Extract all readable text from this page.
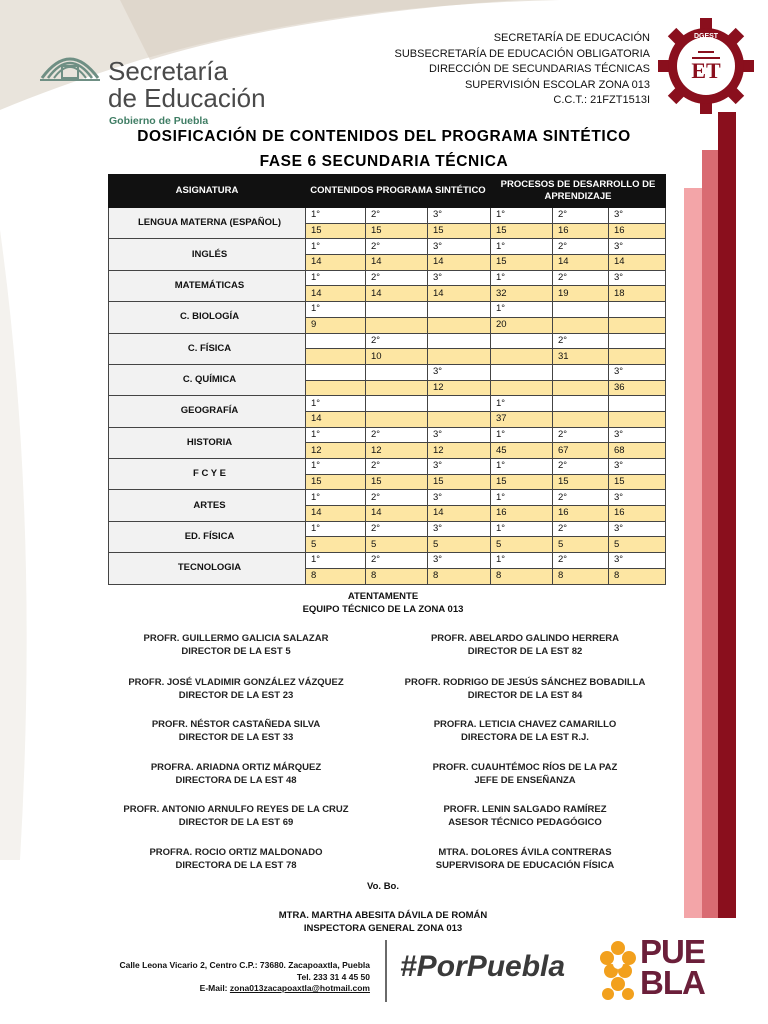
Secretaría
de Educación
Gobierno de Puebla
SECRETARÍA DE EDUCACIÓN
SUBSECRETARÍA DE EDUCACIÓN OBLIGATORIA
DIRECCIÓN DE SECUNDARIAS TÉCNICAS
SUPERVISIÓN ESCOLAR ZONA 013
C.C.T.: 21FZT1513I
DGEST
ET
DOSIFICACIÓN DE CONTENIDOS DEL PROGRAMA SINTÉTICO
FASE 6 SECUNDARIA TÉCNICA
ASIGNATURA	CONTENIDOS PROGRAMA SINTÉTICO			PROCESOS DE DESARROLLO DE APRENDIZAJE		
LENGUA MATERNA (ESPAÑOL)	1°	2°	3°	1°	2°	3°
	15	15	15	15	16	16
INGLÉS	1°	2°	3°	1°	2°	3°
	14	14	14	15	14	14
MATEMÁTICAS	1°	2°	3°	1°	2°	3°
	14	14	14	32	19	18
C. BIOLOGÍA	1°			1°		
	9			20		
C. FÍSICA		2°			2°	
		10			31	
C. QUÍMICA			3°			3°
			12			36
GEOGRAFÍA	1°			1°		
	14			37		
HISTORIA	1°	2°	3°	1°	2°	3°
	12	12	12	45	67	68
F C Y E	1°	2°	3°	1°	2°	3°
	15	15	15	15	15	15
ARTES	1°	2°	3°	1°	2°	3°
	14	14	14	16	16	16
ED. FÍSICA	1°	2°	3°	1°	2°	3°
	5	5	5	5	5	5
TECNOLOGIA	1°	2°	3°	1°	2°	3°
	8	8	8	8	8	8
ATENTAMENTE
EQUIPO TÉCNICO DE LA ZONA 013
PROFR. GUILLERMO GALICIA SALAZAR
DIRECTOR DE LA EST 5
PROFR. JOSÉ VLADIMIR GONZÁLEZ VÁZQUEZ
DIRECTOR DE LA EST 23
PROFR. NÉSTOR CASTAÑEDA SILVA
DIRECTOR DE LA EST 33
PROFRA. ARIADNA ORTIZ MÁRQUEZ
DIRECTORA DE LA EST 48
PROFR. ANTONIO ARNULFO REYES DE LA CRUZ
DIRECTOR DE LA EST 69
PROFRA. ROCIO ORTIZ MALDONADO
DIRECTORA DE LA EST 78
PROFR. ABELARDO GALINDO HERRERA
DIRECTOR DE LA EST 82
PROFR. RODRIGO DE JESÚS SÁNCHEZ BOBADILLA
DIRECTOR DE LA EST 84
PROFRA. LETICIA CHAVEZ CAMARILLO
DIRECTORA DE LA EST R.J.
PROFR. CUAUHTÉMOC RÍOS DE LA PAZ
JEFE DE ENSEÑANZA
PROFR. LENIN SALGADO RAMÍREZ
ASESOR TÉCNICO PEDAGÓGICO
MTRA. DOLORES ÁVILA CONTRERAS
SUPERVISORA DE EDUCACIÓN FÍSICA
Vo. Bo.
MTRA. MARTHA ABESITA DÁVILA DE ROMÁN
INSPECTORA GENERAL ZONA 013
Calle Leona Vicario 2, Centro C.P.: 73680. Zacapoaxtla, Puebla
Tel. 233 31 4 45 50
E-Mail: zona013zacapoaxtla@hotmail.com
#PorPuebla PUE
BLA
